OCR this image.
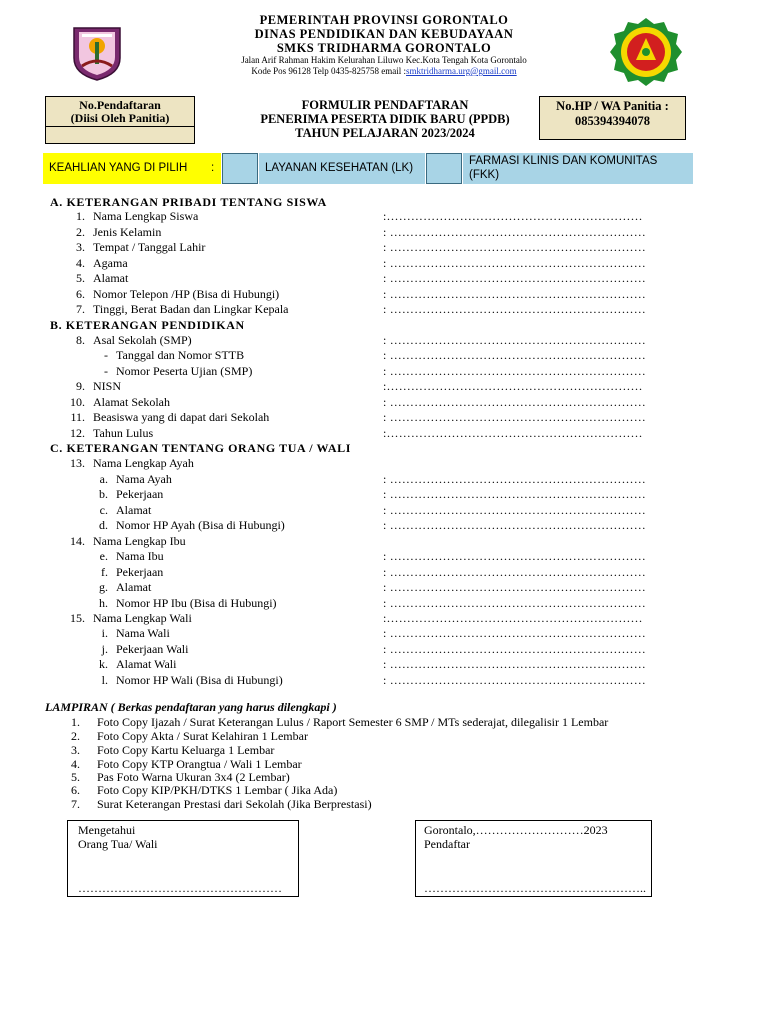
PEMERINTAH PROVINSI GORONTALO
DINAS PENDIDIKAN DAN KEBUDAYAAN
SMKS TRIDHARMA GORONTALO
Jalan Arif Rahman Hakim Kelurahan Liluwo Kec.Kota Tengah Kota Gorontalo
Kode Pos 96128 Telp 0435-825758 email :smktridharma.urg@gmail.com
No.Pendaftaran
(Diisi Oleh Panitia)
FORMULIR PENDAFTARAN
PENERIMA PESERTA DIDIK BARU (PPDB)
TAHUN PELAJARAN 2023/2024
No.HP / WA Panitia :
085394394078
KEAHLIAN YANG DI PILIH :	LAYANAN KESEHATAN (LK)
FARMASI KLINIS DAN KOMUNITAS (FKK)
A. KETERANGAN PRIBADI TENTANG SISWA
B. KETERANGAN PENDIDIKAN
C. KETERANGAN TENTANG ORANG TUA / WALI
1. Nama Lengkap Siswa	:………………………………………………………
2. Jenis Kelamin	: ………………………………………………………
3. Tempat / Tanggal Lahir	: ………………………………………………………
4. Agama	: ………………………………………………………
5. Alamat	: ………………………………………………………
6. Nomor Telepon /HP (Bisa di Hubungi)	: ………………………………………………………
7. Tinggi, Berat Badan dan Lingkar Kepala	: ………………………………………………………
8. Asal Sekolah (SMP)	: ………………………………………………………
- Tanggal dan Nomor STTB	: ………………………………………………………
- Nomor Peserta Ujian (SMP)	: ………………………………………………………
9. NISN	:………………………………………………………
10. Alamat Sekolah	: ………………………………………………………
11. Beasiswa yang di dapat dari Sekolah	: ………………………………………………………
12. Tahun Lulus	:………………………………………………………
13. Nama Lengkap Ayah
a. Nama Ayah	: ………………………………………………………
b. Pekerjaan	: ………………………………………………………
c. Alamat	: ………………………………………………………
d. Nomor HP Ayah (Bisa di Hubungi)	: ………………………………………………………
14. Nama Lengkap Ibu
e. Nama Ibu	: ………………………………………………………
f. Pekerjaan	: ………………………………………………………
g. Alamat	: ………………………………………………………
h. Nomor HP Ibu (Bisa di Hubungi)	: ………………………………………………………
15. Nama Lengkap Wali	:………………………………………………………
i. Nama Wali	: ………………………………………………………
j. Pekerjaan Wali	: ………………………………………………………
k. Alamat Wali	: ………………………………………………………
l. Nomor HP Wali (Bisa di Hubungi)	: ………………………………………………………
LAMPIRAN ( Berkas pendaftaran yang harus dilengkapi )
1. Foto Copy Ijazah / Surat Keterangan Lulus / Raport Semester 6 SMP / MTs sederajat, dilegalisir 1 Lembar
2. Foto Copy Akta / Surat Kelahiran 1 Lembar
3. Foto Copy Kartu Keluarga 1 Lembar
4. Foto Copy KTP Orangtua / Wali 1 Lembar
5. Pas Foto Warna Ukuran 3x4 (2 Lembar)
6. Foto Copy KIP/PKH/DTKS 1 Lembar ( Jika Ada)
7. Surat Keterangan Prestasi dari Sekolah (Jika Berprestasi)
Mengetahui
Orang Tua/ Wali
……………………………………………
Gorontalo,………………………2023
Pendaftar
………………………………………………..
